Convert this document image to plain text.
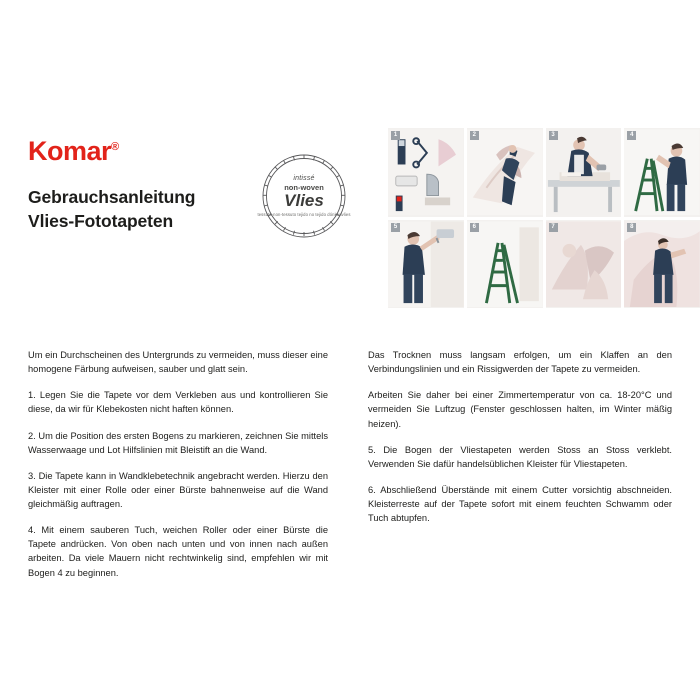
Komar®
Gebrauchsanleitung
Vlies-Fototapeten
intissé
non-woven
Vlies
tessuto-non-tessuto tejido no tejido dónkenvlies
1	2	3	4
5	6	7	8

Um ein Durchscheinen des Untergrunds zu vermeiden, muss dieser eine homogene Färbung aufweisen, sauber und glatt sein.

1. Legen Sie die Tapete vor dem Verkleben aus und kontrollieren Sie diese, da wir für Klebekosten nicht haften können.

2. Um die Position des ersten Bogens zu markieren, zeichnen Sie mittels Wasserwaage und Lot Hilfslinien mit Bleistift an die Wand.

3. Die Tapete kann in Wandklebetechnik angebracht werden. Hierzu den Kleister mit einer Rolle oder einer Bürste bahnenweise auf die Wand gleichmäßig auftragen.

4. Mit einem sauberen Tuch, weichen Roller oder einer Bürste die Tapete andrücken. Von oben nach unten und von innen nach außen arbeiten. Da viele Mauern nicht rechtwinkelig sind, empfehlen wir mit Bogen 4 zu beginnen.

Das Trocknen muss langsam erfolgen, um ein Klaffen an den Verbindungslinien und ein Rissigwerden der Tapete zu vermeiden.

Arbeiten Sie daher bei einer Zimmertemperatur von ca. 18-20°C und vermeiden Sie Luftzug (Fenster geschlossen halten, im Winter mäßig heizen).

5. Die Bogen der Vliestapeten werden Stoss an Stoss verklebt. Verwenden Sie dafür handelsüblichen Kleister für Vliestapeten.

6. Abschließend Überstände mit einem Cutter vorsichtig abschneiden. Kleisterreste auf der Tapete sofort mit einem feuchten Schwamm oder Tuch abtupfen.
